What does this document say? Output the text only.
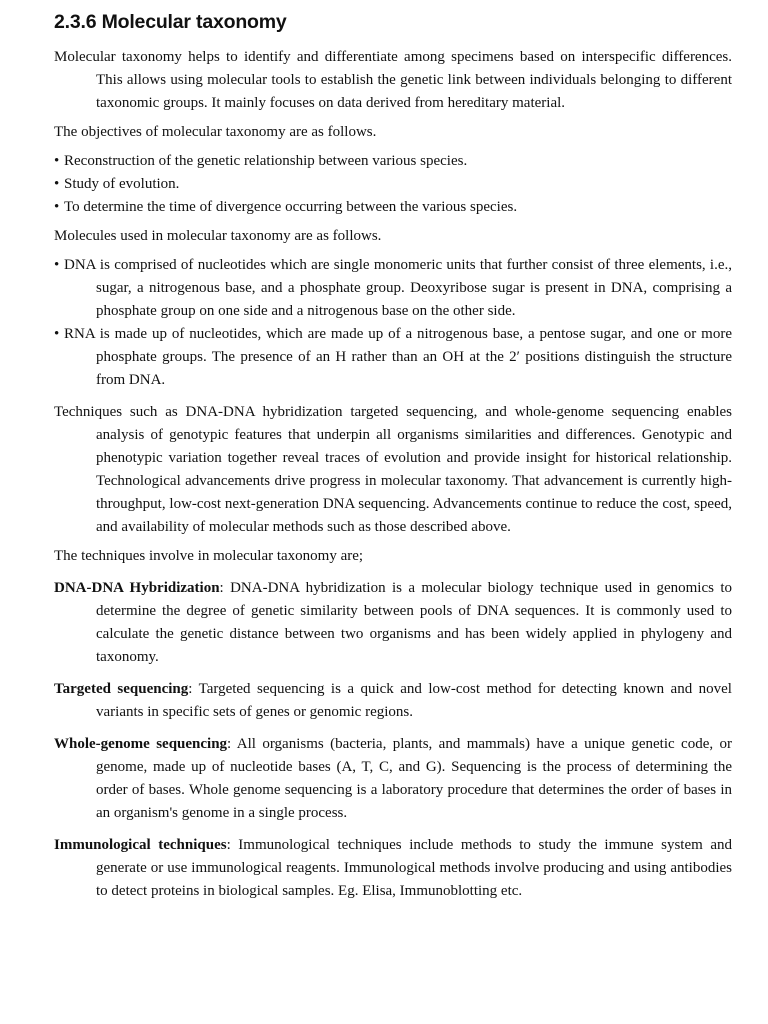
2.3.6 Molecular taxonomy

Molecular taxonomy helps to identify and differentiate among specimens based on interspecific differences. This allows using molecular tools to establish the genetic link between individuals belonging to different taxonomic groups. It mainly focuses on data derived from hereditary material.

The objectives of molecular taxonomy are as follows.

• Reconstruction of the genetic relationship between various species.

• Study of evolution.

• To determine the time of divergence occurring between the various species.

Molecules used in molecular taxonomy are as follows.

• DNA is comprised of nucleotides which are single monomeric units that further consist of three elements, i.e., sugar, a nitrogenous base, and a phosphate group. Deoxyribose sugar is present in DNA, comprising a phosphate group on one side and a nitrogenous base on the other side.

• RNA is made up of nucleotides, which are made up of a nitrogenous base, a pentose sugar, and one or more phosphate groups. The presence of an H rather than an OH at the 2′ positions distinguish the structure from DNA.

Techniques such as DNA-DNA hybridization targeted sequencing, and whole-genome sequencing enables analysis of genotypic features that underpin all organisms similarities and differences. Genotypic and phenotypic variation together reveal traces of evolution and provide insight for historical relationship. Technological advancements drive progress in molecular taxonomy. That advancement is currently high-throughput, low-cost next-generation DNA sequencing. Advancements continue to reduce the cost, speed, and availability of molecular methods such as those described above.

The techniques involve in molecular taxonomy are;

DNA-DNA Hybridization: DNA-DNA hybridization is a molecular biology technique used in genomics to determine the degree of genetic similarity between pools of DNA sequences. It is commonly used to calculate the genetic distance between two organisms and has been widely applied in phylogeny and taxonomy.

Targeted sequencing: Targeted sequencing is a quick and low-cost method for detecting known and novel variants in specific sets of genes or genomic regions.

Whole-genome sequencing: All organisms (bacteria, plants, and mammals) have a unique genetic code, or genome, made up of nucleotide bases (A, T, C, and G). Sequencing is the process of determining the order of bases. Whole genome sequencing is a laboratory procedure that determines the order of bases in an organism's genome in a single process.

Immunological techniques: Immunological techniques include methods to study the immune system and generate or use immunological reagents. Immunological methods involve producing and using antibodies to detect proteins in biological samples. Eg. Elisa, Immunoblotting etc.
